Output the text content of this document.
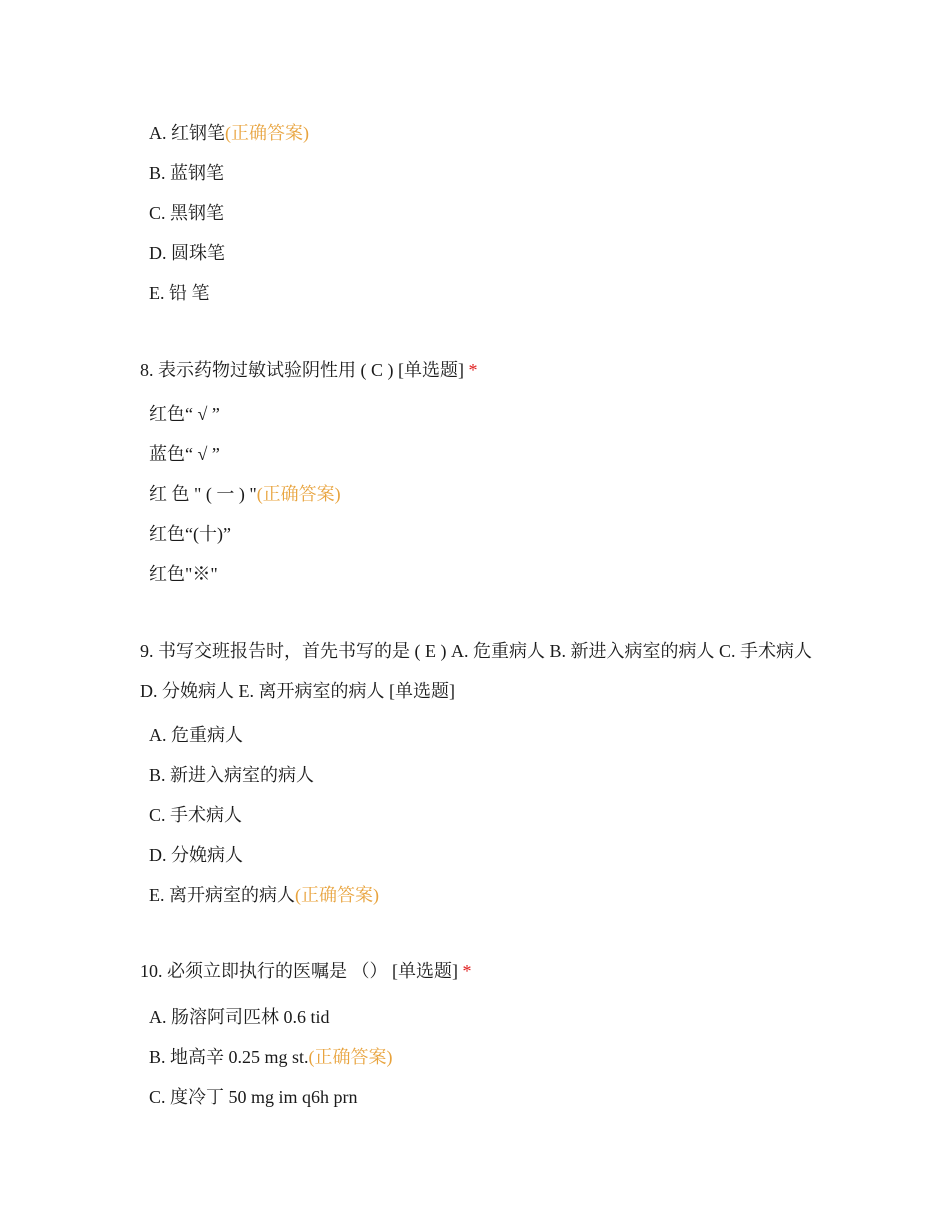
A. 红钢笔(正确答案)
B. 蓝钢笔
C. 黑钢笔
D. 圆珠笔
E. 铅 笔

8. 表示药物过敏试验阴性用 ( C ) [单选题] *

红色“ √ ”
蓝色“ √ ”
红 色 " ( 一 ) "(正确答案)
红色“(十)”
红色"※"

9. 书写交班报告时，首先书写的是 ( E ) A. 危重病人 B. 新进入病室的病人 C. 手术病人 D. 分娩病人 E. 离开病室的病人 [单选题]

A. 危重病人
B. 新进入病室的病人
C. 手术病人
D. 分娩病人
E. 离开病室的病人(正确答案)

10. 必须立即执行的医嘱是 （） [单选题] *

A. 肠溶阿司匹林 0.6 tid
B. 地高辛 0.25 mg st.(正确答案)
C. 度冷丁 50 mg im q6h prn
